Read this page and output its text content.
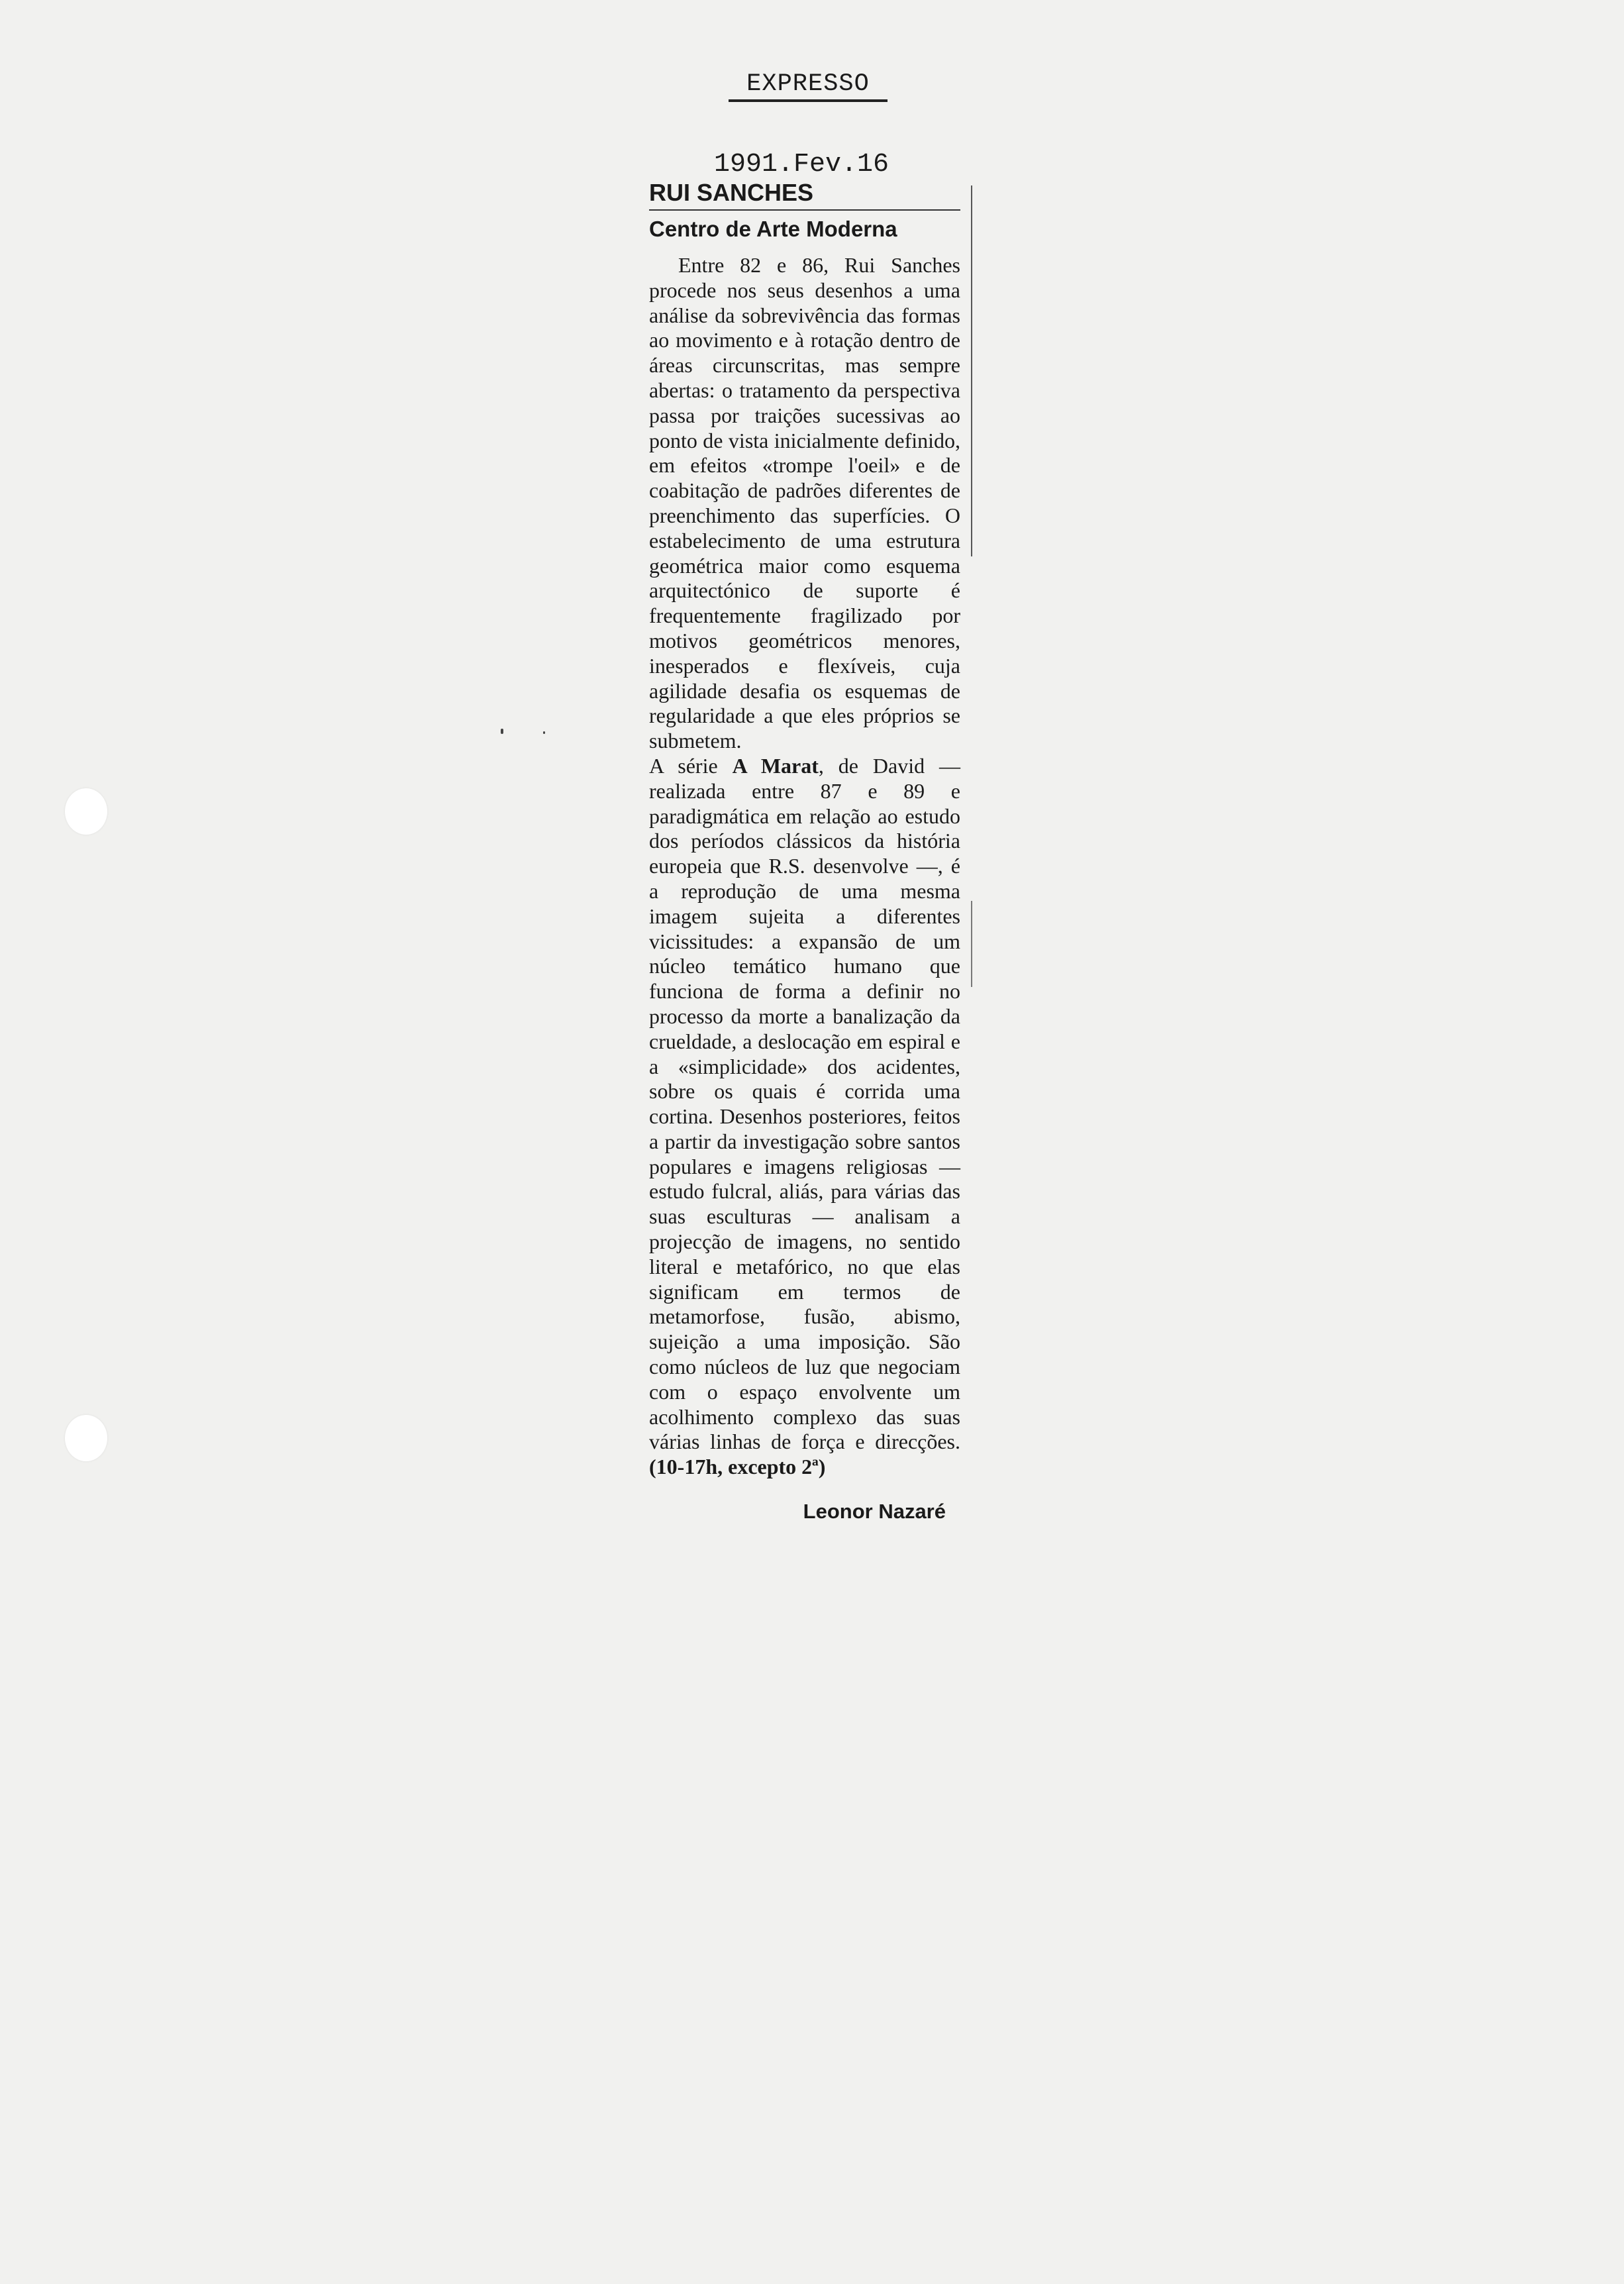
EXPRESSO
1991.Fev.16
RUI SANCHES
Centro de Arte Moderna

Entre 82 e 86, Rui Sanches procede nos seus desenhos a uma análise da sobrevivência das formas ao movimento e à rotação dentro de áreas circunscritas, mas sempre abertas: o tratamento da perspectiva passa por traições sucessivas ao ponto de vista inicialmente definido, em efeitos «trompe l'oeil» e de coabitação de padrões diferentes de preenchimento das superfícies. O estabelecimento de uma estrutura geométrica maior como esquema arquitectónico de suporte é frequentemente fragilizado por motivos geométricos menores, inesperados e flexíveis, cuja agilidade desafia os esquemas de regularidade a que eles próprios se submetem.

A série A Marat, de David — realizada entre 87 e 89 e paradigmática em relação ao estudo dos períodos clássicos da história europeia que R.S. desenvolve —, é a reprodução de uma mesma imagem sujeita a diferentes vicissitudes: a expansão de um núcleo temático humano que funciona de forma a definir no processo da morte a banalização da crueldade, a deslocação em espiral e a «simplicidade» dos acidentes, sobre os quais é corrida uma cortina. Desenhos posteriores, feitos a partir da investigação sobre santos populares e imagens religiosas — estudo fulcral, aliás, para várias das suas esculturas — analisam a projecção de imagens, no sentido literal e metafórico, no que elas significam em termos de metamorfose, fusão, abismo, sujeição a uma imposição. São como núcleos de luz que negociam com o espaço envolvente um acolhimento complexo das suas várias linhas de força e direcções. (10-17h, excepto 2ª)

Leonor Nazaré
